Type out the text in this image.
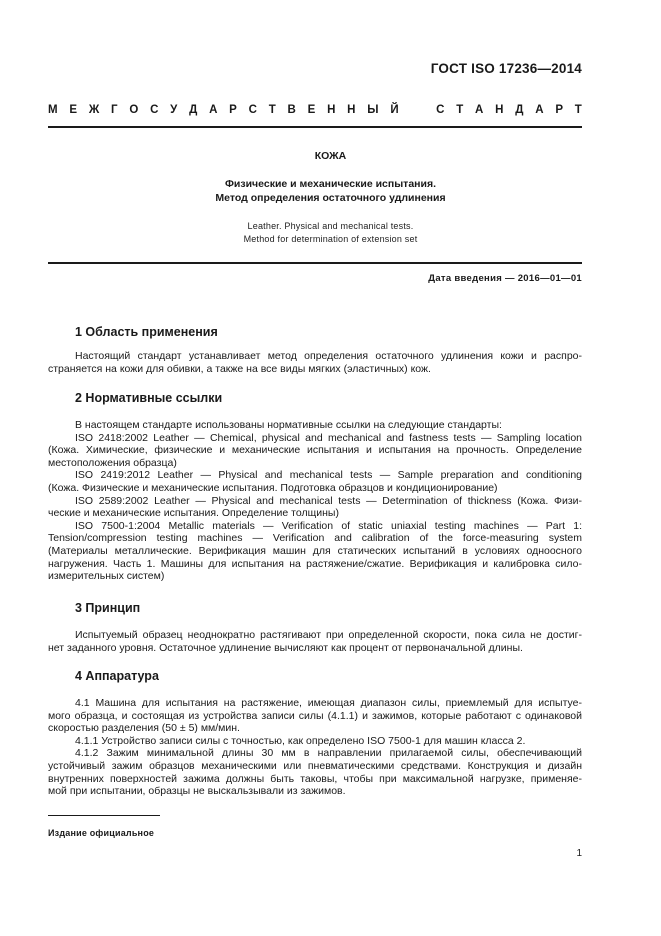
ГОСТ ISO 17236—2014
М Е Ж Г О С У Д А Р С Т В Е Н Н Ы Й	С Т А Н Д А Р Т
КОЖА
Физические и механические испытания.
Метод определения остаточного удлинения
Leather. Physical and mechanical tests.
Method for determination of extension set
Дата введения — 2016—01—01
1 Область применения
Настоящий стандарт устанавливает метод определения остаточного удлинения кожи и распро-
страняется на кожи для обивки, а также на все виды мягких (эластичных) кож.
2 Нормативные ссылки
В настоящем стандарте использованы нормативные ссылки на следующие стандарты:
ISO 2418:2002 Leather — Chemical, physical and mechanical and fastness tests — Sampling location
(Кожа. Химические, физические и механические испытания и испытания на прочность. Определение
местоположения образца)
ISO 2419:2012 Leather — Physical and mechanical tests — Sample preparation and conditioning
(Кожа. Физические и механические испытания. Подготовка образцов и кондиционирование)
ISO 2589:2002 Leather — Physical and mechanical tests — Determination of thickness (Кожа. Физи-
ческие и механические испытания. Определение толщины)
ISO 7500-1:2004 Metallic materials — Verification of static uniaxial testing machines — Part 1:
Tension/compression testing machines — Verification and calibration of the force-measuring system
(Материалы металлические. Верификация машин для статических испытаний в условиях одноосного
нагружения. Часть 1. Машины для испытания на растяжение/сжатие. Верификация и калибровка сило-
измерительных систем)
3 Принцип
Испытуемый образец неоднократно растягивают при определенной скорости, пока сила не достиг-
нет заданного уровня. Остаточное удлинение вычисляют как процент от первоначальной длины.
4 Аппаратура
4.1 Машина для испытания на растяжение, имеющая диапазон силы, приемлемый для испытуе-
мого образца, и состоящая из устройства записи силы (4.1.1) и зажимов, которые работают с одинаковой
скоростью разделения (50 ± 5) мм/мин.
4.1.1 Устройство записи силы с точностью, как определено ISO 7500-1 для машин класса 2.
4.1.2 Зажим минимальной длины 30 мм в направлении прилагаемой силы, обеспечивающий
устойчивый зажим образцов механическими или пневматическими средствами. Конструкция и дизайн
внутренних поверхностей зажима должны быть таковы, чтобы при максимальной нагрузке, применяе-
мой при испытании, образцы не выскальзывали из зажимов.
Издание официальное
1
